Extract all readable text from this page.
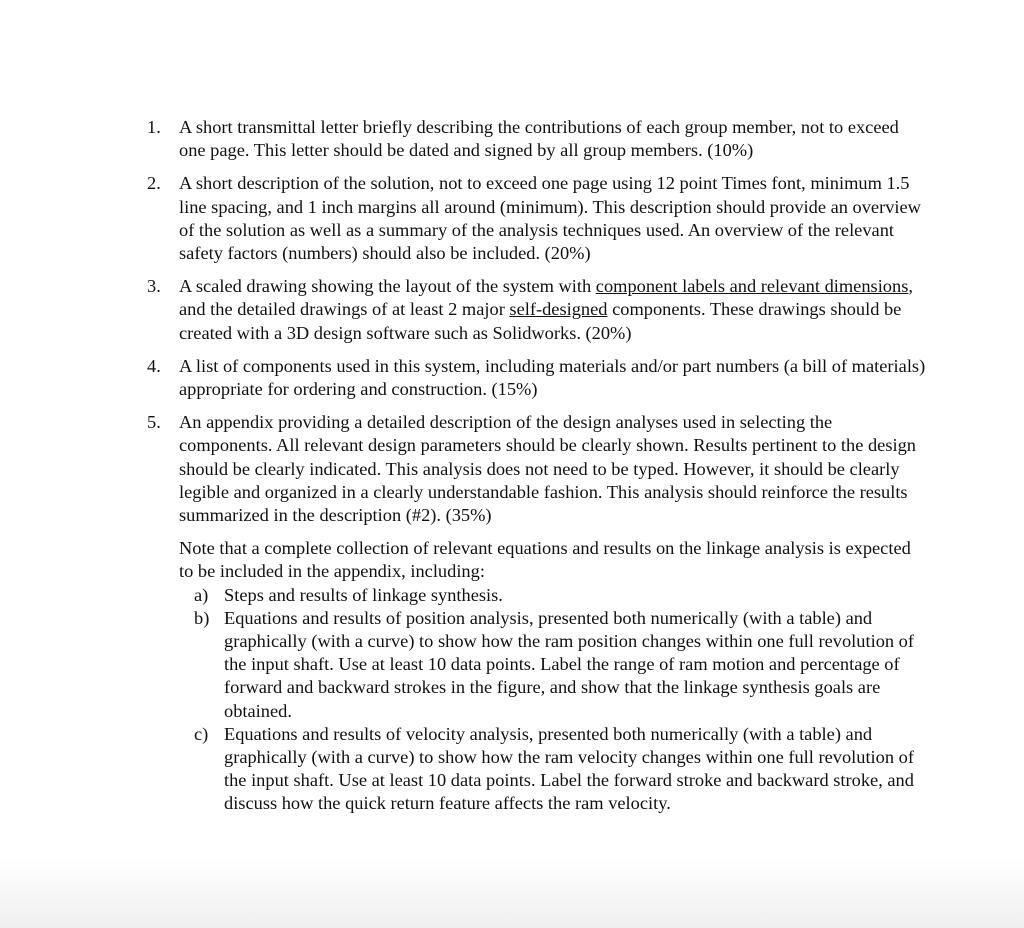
1. A short transmittal letter briefly describing the contributions of each group member, not to exceed one page. This letter should be dated and signed by all group members. (10%)
2. A short description of the solution, not to exceed one page using 12 point Times font, minimum 1.5 line spacing, and 1 inch margins all around (minimum). This description should provide an overview of the solution as well as a summary of the analysis techniques used. An overview of the relevant safety factors (numbers) should also be included. (20%)
3. A scaled drawing showing the layout of the system with component labels and relevant dimensions, and the detailed drawings of at least 2 major self-designed components. These drawings should be created with a 3D design software such as Solidworks. (20%)
4. A list of components used in this system, including materials and/or part numbers (a bill of materials) appropriate for ordering and construction. (15%)
5. An appendix providing a detailed description of the design analyses used in selecting the components. All relevant design parameters should be clearly shown. Results pertinent to the design should be clearly indicated. This analysis does not need to be typed. However, it should be clearly legible and organized in a clearly understandable fashion. This analysis should reinforce the results summarized in the description (#2). (35%)
Note that a complete collection of relevant equations and results on the linkage analysis is expected to be included in the appendix, including:
a) Steps and results of linkage synthesis.
b) Equations and results of position analysis, presented both numerically (with a table) and graphically (with a curve) to show how the ram position changes within one full revolution of the input shaft. Use at least 10 data points. Label the range of ram motion and percentage of forward and backward strokes in the figure, and show that the linkage synthesis goals are obtained.
c) Equations and results of velocity analysis, presented both numerically (with a table) and graphically (with a curve) to show how the ram velocity changes within one full revolution of the input shaft. Use at least 10 data points. Label the forward stroke and backward stroke, and discuss how the quick return feature affects the ram velocity.
